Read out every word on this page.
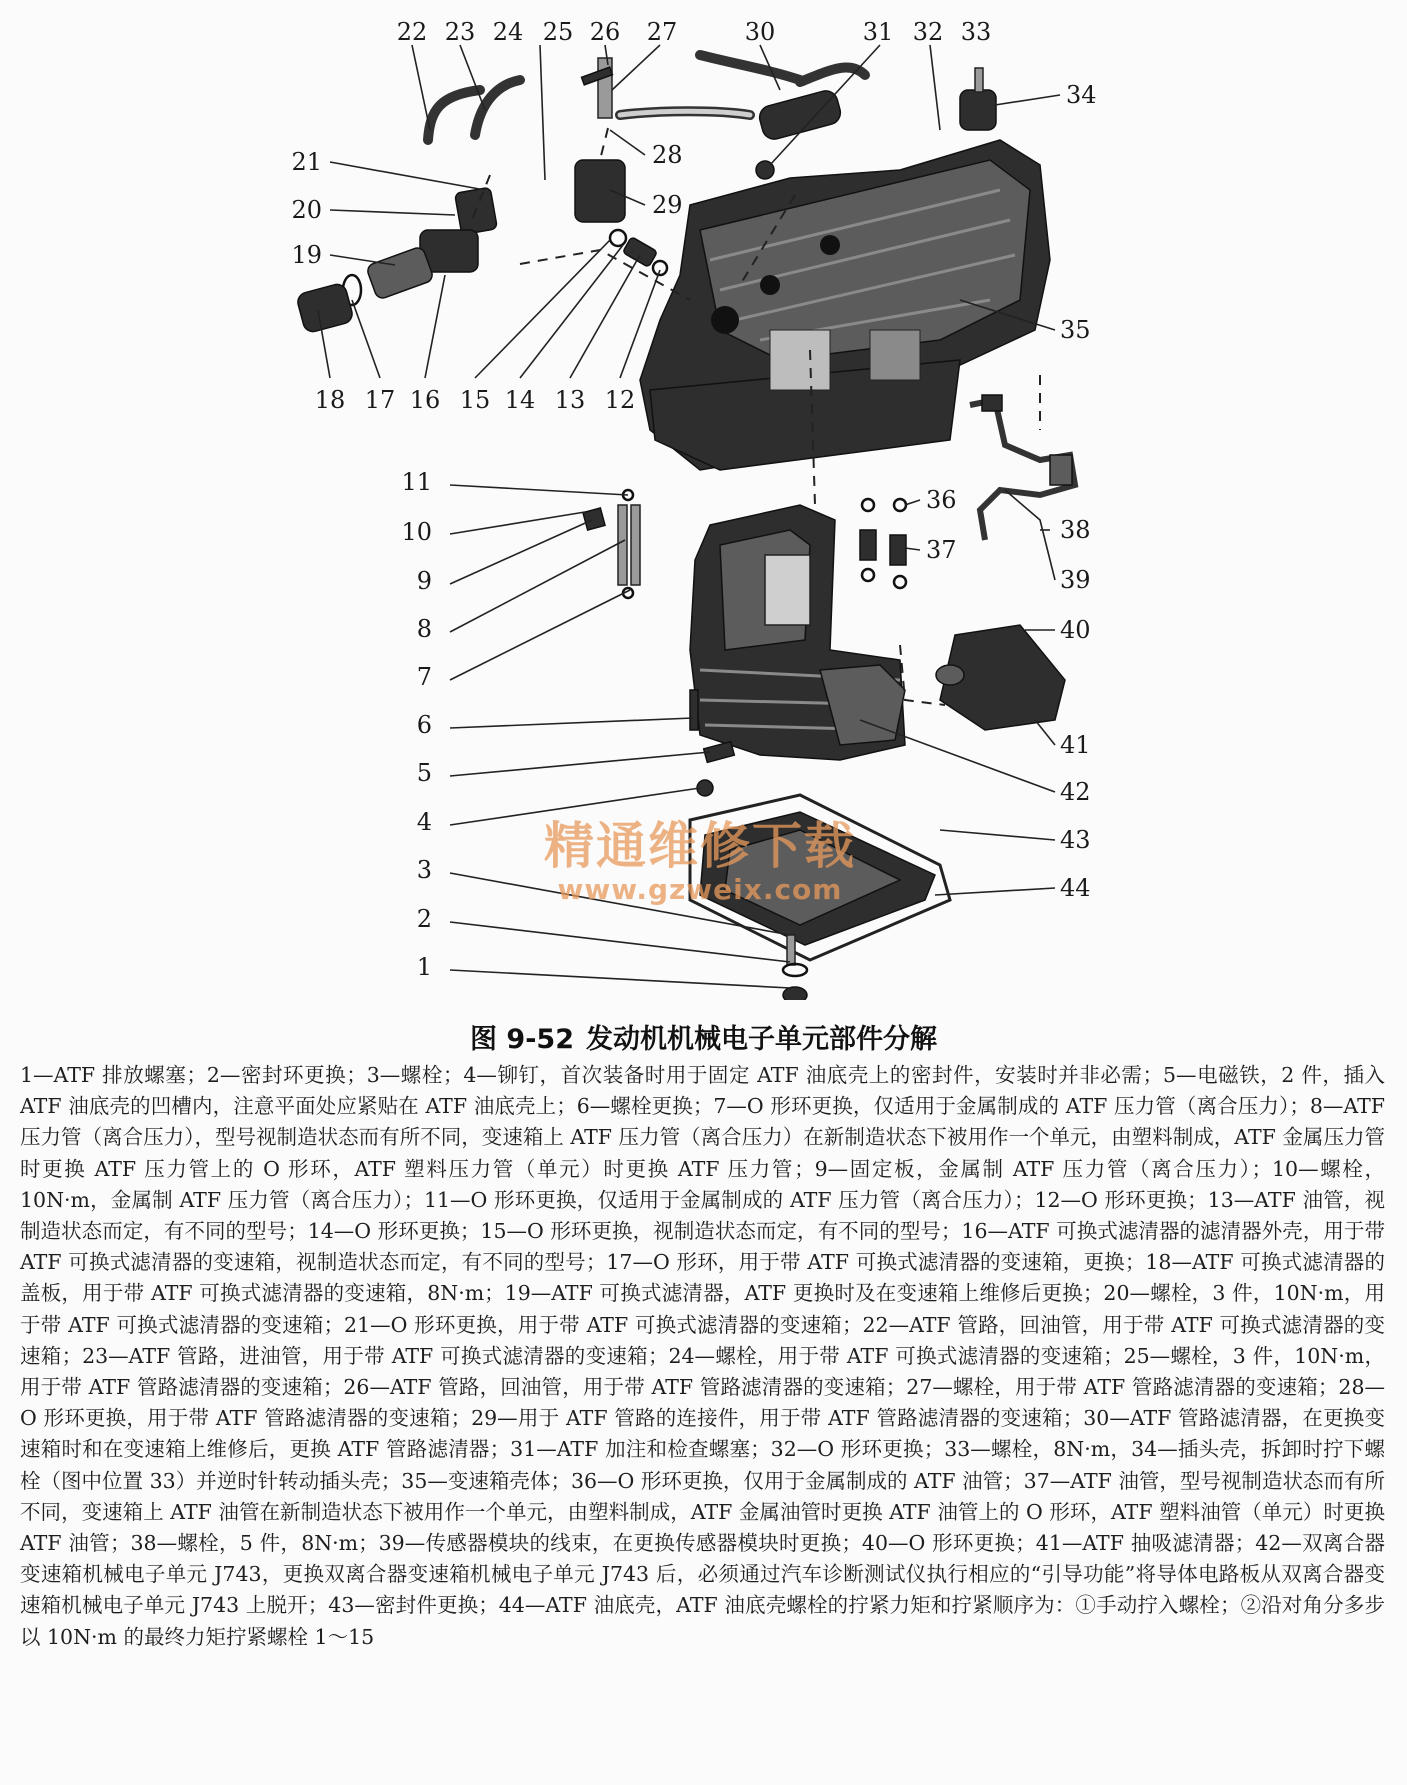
1
2
3
4
5
6
7
8
9
10
11
12
13
14
15
16
17
18
19
20
21
22 23 24 25 26 27
28
29
30	31 32 33
34
35
36
37
38
39
40
41
42
43
44
精通维修下载
www.gzweix.com
图 9-52 发动机机械电子单元部件分解
1—ATF 排放螺塞；2—密封环更换；3—螺栓；4—铆钉，首次装备时用于固定 ATF 油底壳上的密封件，安装时并非必需；5—电磁铁，2 件，插入 ATF 油底壳的凹槽内，注意平面处应紧贴在 ATF 油底壳上；6—螺栓更换；7—O 形环更换，仅适用于金属制成的 ATF 压力管（离合压力）；8—ATF 压力管（离合压力），型号视制造状态而有所不同，变速箱上 ATF 压力管（离合压力）在新制造状态下被用作一个单元，由塑料制成，ATF 金属压力管时更换 ATF 压力管上的 O 形环，ATF 塑料压力管（单元）时更换 ATF 压力管；9—固定板，金属制 ATF 压力管（离合压力）；10—螺栓，10N·m，金属制 ATF 压力管（离合压力）；11—O 形环更换，仅适用于金属制成的 ATF 压力管（离合压力）；12—O 形环更换；13—ATF 油管，视制造状态而定，有不同的型号；14—O 形环更换；15—O 形环更换，视制造状态而定，有不同的型号；16—ATF 可换式滤清器的滤清器外壳，用于带 ATF 可换式滤清器的变速箱，视制造状态而定，有不同的型号；17—O 形环，用于带 ATF 可换式滤清器的变速箱，更换；18—ATF 可换式滤清器的盖板，用于带 ATF 可换式滤清器的变速箱，8N·m；19—ATF 可换式滤清器，ATF 更换时及在变速箱上维修后更换；20—螺栓，3 件，10N·m，用于带 ATF 可换式滤清器的变速箱；21—O 形环更换，用于带 ATF 可换式滤清器的变速箱；22—ATF 管路，回油管，用于带 ATF 可换式滤清器的变速箱；23—ATF 管路，进油管，用于带 ATF 可换式滤清器的变速箱；24—螺栓，用于带 ATF 可换式滤清器的变速箱；25—螺栓，3 件，10N·m，用于带 ATF 管路滤清器的变速箱；26—ATF 管路，回油管，用于带 ATF 管路滤清器的变速箱；27—螺栓，用于带 ATF 管路滤清器的变速箱；28—O 形环更换，用于带 ATF 管路滤清器的变速箱；29—用于 ATF 管路的连接件，用于带 ATF 管路滤清器的变速箱；30—ATF 管路滤清器，在更换变速箱时和在变速箱上维修后，更换 ATF 管路滤清器；31—ATF 加注和检查螺塞；32—O 形环更换；33—螺栓，8N·m，34—插头壳，拆卸时拧下螺栓（图中位置 33）并逆时针转动插头壳；35—变速箱壳体；36—O 形环更换，仅用于金属制成的 ATF 油管；37—ATF 油管，型号视制造状态而有所不同，变速箱上 ATF 油管在新制造状态下被用作一个单元，由塑料制成，ATF 金属油管时更换 ATF 油管上的 O 形环，ATF 塑料油管（单元）时更换 ATF 油管；38—螺栓，5 件，8N·m；39—传感器模块的线束，在更换传感器模块时更换；40—O 形环更换；41—ATF 抽吸滤清器；42—双离合器变速箱机械电子单元 J743，更换双离合器变速箱机械电子单元 J743 后，必须通过汽车诊断测试仪执行相应的“引导功能”将导体电路板从双离合器变速箱机械电子单元 J743 上脱开；43—密封件更换；44—ATF 油底壳，ATF 油底壳螺栓的拧紧力矩和拧紧顺序为：①手动拧入螺栓；②沿对角分多步以 10N·m 的最终力矩拧紧螺栓 1～15
